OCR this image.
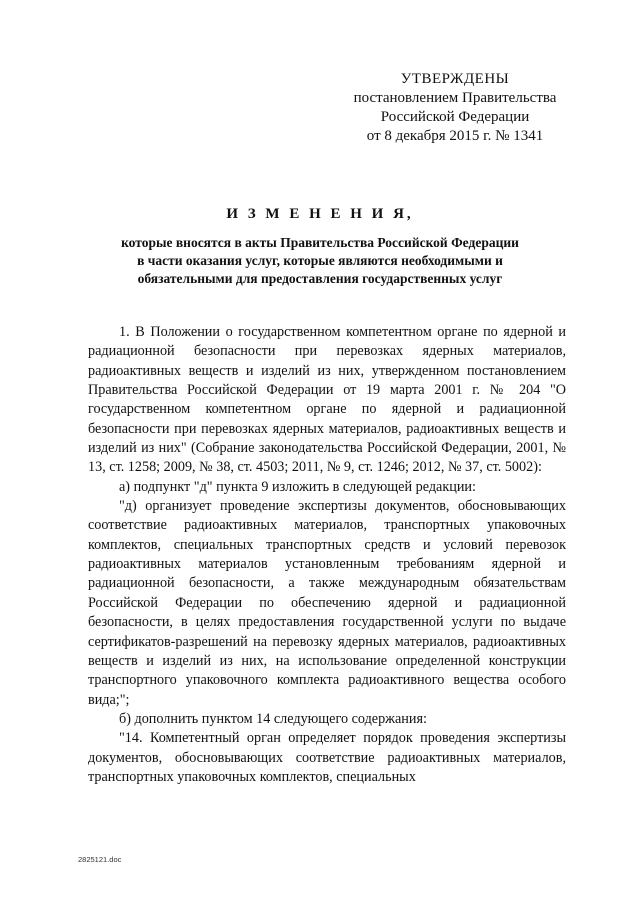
УТВЕРЖДЕНЫ
постановлением Правительства
Российской Федерации
от 8 декабря 2015 г. № 1341
И З М Е Н Е Н И Я,
которые вносятся в акты Правительства Российской Федерации
в части оказания услуг, которые являются необходимыми и
обязательными для предоставления государственных услуг

1. В Положении о государственном компетентном органе по ядерной и радиационной безопасности при перевозках ядерных материалов, радиоактивных веществ и изделий из них, утвержденном постановлением Правительства Российской Федерации от 19 марта 2001 г. № 204 "О государственном компетентном органе по ядерной и радиационной безопасности при перевозках ядерных материалов, радиоактивных веществ и изделий из них" (Собрание законодательства Российской Федерации, 2001, № 13, ст. 1258; 2009, № 38, ст. 4503; 2011, № 9, ст. 1246; 2012, № 37, ст. 5002):

а) подпункт "д" пункта 9 изложить в следующей редакции:

"д) организует проведение экспертизы документов, обосновывающих соответствие радиоактивных материалов, транспортных упаковочных комплектов, специальных транспортных средств и условий перевозок радиоактивных материалов установленным требованиям ядерной и радиационной безопасности, а также международным обязательствам Российской Федерации по обеспечению ядерной и радиационной безопасности, в целях предоставления государственной услуги по выдаче сертификатов-разрешений на перевозку ядерных материалов, радиоактивных веществ и изделий из них, на использование определенной конструкции транспортного упаковочного комплекта радиоактивного вещества особого вида;";

б) дополнить пунктом 14 следующего содержания:

"14. Компетентный орган определяет порядок проведения экспертизы документов, обосновывающих соответствие радиоактивных материалов, транспортных упаковочных комплектов, специальных

2825121.doc
